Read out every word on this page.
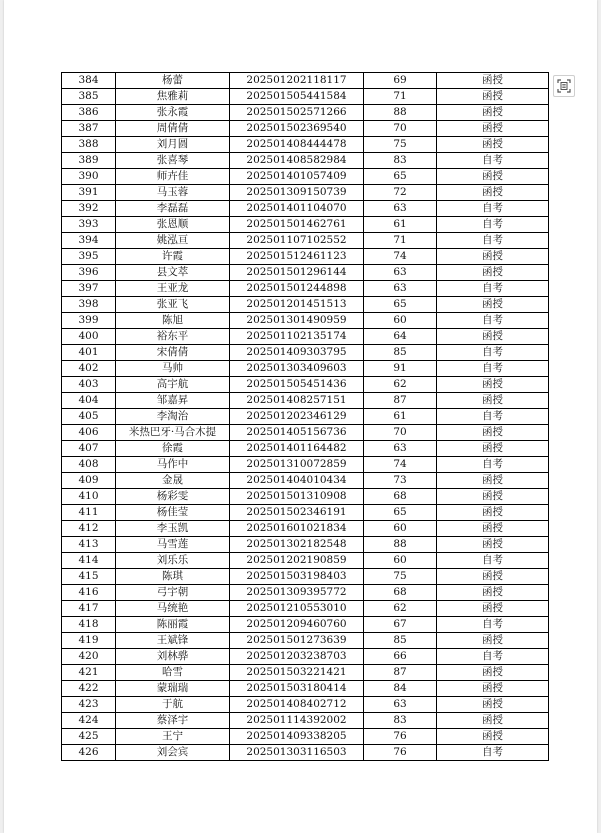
384	杨蕾	202501202118117	69	函授
385	焦雅莉	202501505441584	71	函授
386	张永霞	202501502571266	88	函授
387	周倩倩	202501502369540	70	函授
388	刘月圆	202501408444478	75	函授
389	张喜琴	202501408582984	83	自考
390	师卉佳	202501401057409	65	函授
391	马玉蓉	202501309150739	72	函授
392	李磊磊	202501401104070	63	自考
393	张恩顺	202501501462761	61	自考
394	姚泓亘	202501107102552	71	自考
395	许霞	202501512461123	74	函授
396	县文萃	202501501296144	63	函授
397	王亚龙	202501501244898	63	自考
398	张亚飞	202501201451513	65	函授
399	陈旭	202501301490959	60	自考
400	裕东平	202501102135174	64	函授
401	宋倩倩	202501409303795	85	自考
402	马帅	202501303409603	91	自考
403	高宇航	202501505451436	62	函授
404	邹嘉昇	202501408257151	87	函授
405	李淘治	202501202346129	61	自考
406	米热巴牙·马合木提	202501405156736	70	函授
407	徐霞	202501401164482	63	函授
408	马作中	202501310072859	74	自考
409	金晟	202501404010434	73	函授
410	杨彩雯	202501501310908	68	函授
411	杨佳莹	202501502346191	65	函授
412	李玉凯	202501601021834	60	函授
413	马雪莲	202501302182548	88	函授
414	刘乐乐	202501202190859	60	自考
415	陈琪	202501503198403	75	函授
416	弓宇朝	202501309395772	68	函授
417	马统艳	202501210553010	62	函授
418	陈丽霞	202501209460760	67	自考
419	王斌锋	202501501273639	85	函授
420	刘林骅	202501203238703	66	自考
421	哈雪	202501503221421	87	函授
422	蒙瑞瑞	202501503180414	84	函授
423	于航	202501408402712	63	函授
424	蔡泽宇	202501114392002	83	函授
425	王宁	202501409338205	76	函授
426	刘会宾	202501303116503	76	自考
